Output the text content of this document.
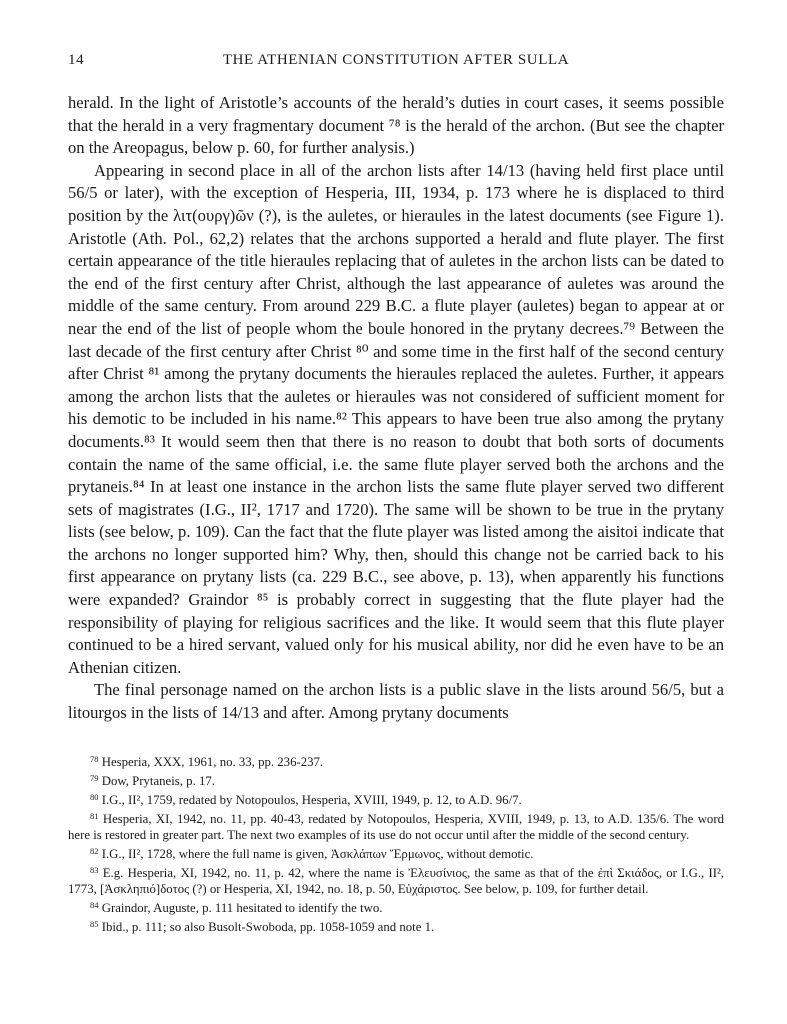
14	THE ATHENIAN CONSTITUTION AFTER SULLA

herald. In the light of Aristotle’s accounts of the herald’s duties in court cases, it seems possible that the herald in a very fragmentary document ⁷⁸ is the herald of the archon. (But see the chapter on the Areopagus, below p. 60, for further analysis.)

Appearing in second place in all of the archon lists after 14/13 (having held first place until 56/5 or later), with the exception of Hesperia, III, 1934, p. 173 where he is displaced to third position by the λιτ(ουργ)ῶν (?), is the auletes, or hieraules in the latest documents (see Figure 1). Aristotle (Ath. Pol., 62,2) relates that the archons supported a herald and flute player. The first certain appearance of the title hieraules replacing that of auletes in the archon lists can be dated to the end of the first century after Christ, although the last appearance of auletes was around the middle of the same century. From around 229 B.C. a flute player (auletes) began to appear at or near the end of the list of people whom the boule honored in the prytany decrees.⁷⁹ Between the last decade of the first century after Christ ⁸⁰ and some time in the first half of the second century after Christ ⁸¹ among the prytany documents the hieraules replaced the auletes. Further, it appears among the archon lists that the auletes or hieraules was not considered of sufficient moment for his demotic to be included in his name.⁸² This appears to have been true also among the prytany documents.⁸³ It would seem then that there is no reason to doubt that both sorts of documents contain the name of the same official, i.e. the same flute player served both the archons and the prytaneis.⁸⁴ In at least one instance in the archon lists the same flute player served two different sets of magistrates (I.G., II², 1717 and 1720). The same will be shown to be true in the prytany lists (see below, p. 109). Can the fact that the flute player was listed among the aisitoi indicate that the archons no longer supported him? Why, then, should this change not be carried back to his first appearance on prytany lists (ca. 229 B.C., see above, p. 13), when apparently his functions were expanded? Graindor ⁸⁵ is probably correct in suggesting that the flute player had the responsibility of playing for religious sacrifices and the like. It would seem that this flute player continued to be a hired servant, valued only for his musical ability, nor did he even have to be an Athenian citizen.

The final personage named on the archon lists is a public slave in the lists around 56/5, but a litourgos in the lists of 14/13 and after. Among prytany documents

$^{78}$ Hesperia, XXX, 1961, no. 33, pp. 236-237.
$^{79}$ Dow, Prytaneis, p. 17.
$^{80}$ I.G., II², 1759, redated by Notopoulos, Hesperia, XVIII, 1949, p. 12, to A.D. 96/7.
$^{81}$ Hesperia, XI, 1942, no. 11, pp. 40-43, redated by Notopoulos, Hesperia, XVIII, 1949, p. 13, to A.D. 135/6. The word here is restored in greater part. The next two examples of its use do not occur until after the middle of the second century.
$^{82}$ I.G., II², 1728, where the full name is given, Ἀσκλάπων Ἕρμωνος, without demotic.
$^{83}$ E.g. Hesperia, XI, 1942, no. 11, p. 42, where the name is Ἐλευσίνιος, the same as that of the ἐπὶ Σκιάδος, or I.G., II², 1773, [Ἀσκληπιό]δοτος (?) or Hesperia, XI, 1942, no. 18, p. 50, Εὐχάριστος. See below, p. 109, for further detail.
$^{84}$ Graindor, Auguste, p. 111 hesitated to identify the two.
$^{85}$ Ibid., p. 111; so also Busolt-Swoboda, pp. 1058-1059 and note 1.
